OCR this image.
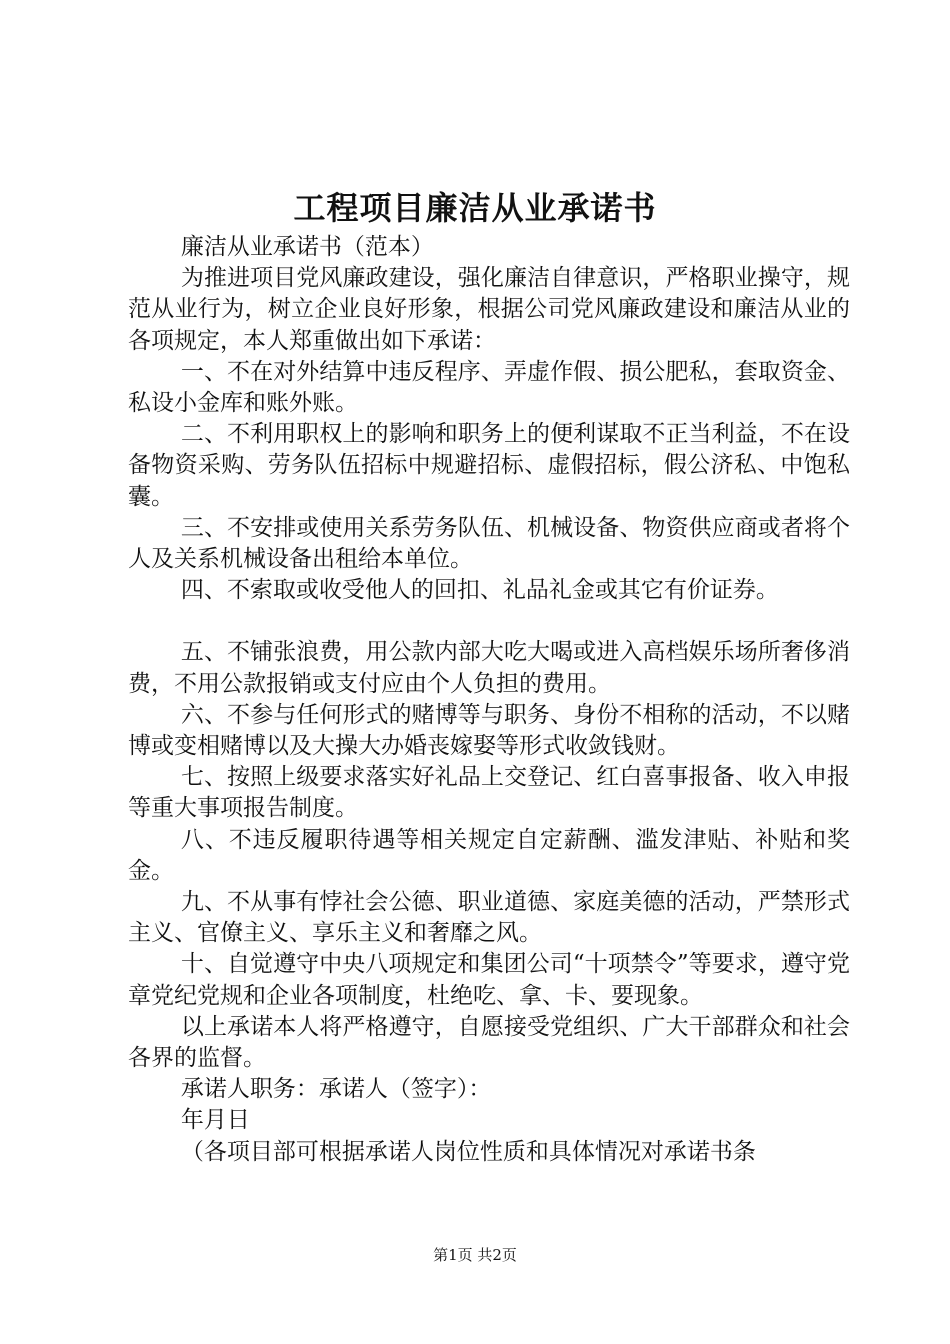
工程项目廉洁从业承诺书

廉洁从业承诺书（范本）

为推进项目党风廉政建设，强化廉洁自律意识，严格职业操守，规范从业行为，树立企业良好形象，根据公司党风廉政建设和廉洁从业的各项规定，本人郑重做出如下承诺：

一、不在对外结算中违反程序、弄虚作假、损公肥私，套取资金、私设小金库和账外账。

二、不利用职权上的影响和职务上的便利谋取不正当利益，不在设备物资采购、劳务队伍招标中规避招标、虚假招标，假公济私、中饱私囊。

三、不安排或使用关系劳务队伍、机械设备、物资供应商或者将个人及关系机械设备出租给本单位。

四、不索取或收受他人的回扣、礼品礼金或其它有价证券。

五、不铺张浪费，用公款内部大吃大喝或进入高档娱乐场所奢侈消费，不用公款报销或支付应由个人负担的费用。

六、不参与任何形式的赌博等与职务、身份不相称的活动，不以赌博或变相赌博以及大操大办婚丧嫁娶等形式收敛钱财。

七、按照上级要求落实好礼品上交登记、红白喜事报备、收入申报等重大事项报告制度。

八、不违反履职待遇等相关规定自定薪酬、滥发津贴、补贴和奖金。

九、不从事有悖社会公德、职业道德、家庭美德的活动，严禁形式主义、官僚主义、享乐主义和奢靡之风。

十、自觉遵守中央八项规定和集团公司“十项禁令”等要求，遵守党章党纪党规和企业各项制度，杜绝吃、拿、卡、要现象。

以上承诺本人将严格遵守，自愿接受党组织、广大干部群众和社会各界的监督。

承诺人职务：承诺人（签字）：

年月日

（各项目部可根据承诺人岗位性质和具体情况对承诺书条

第1页 共2页
